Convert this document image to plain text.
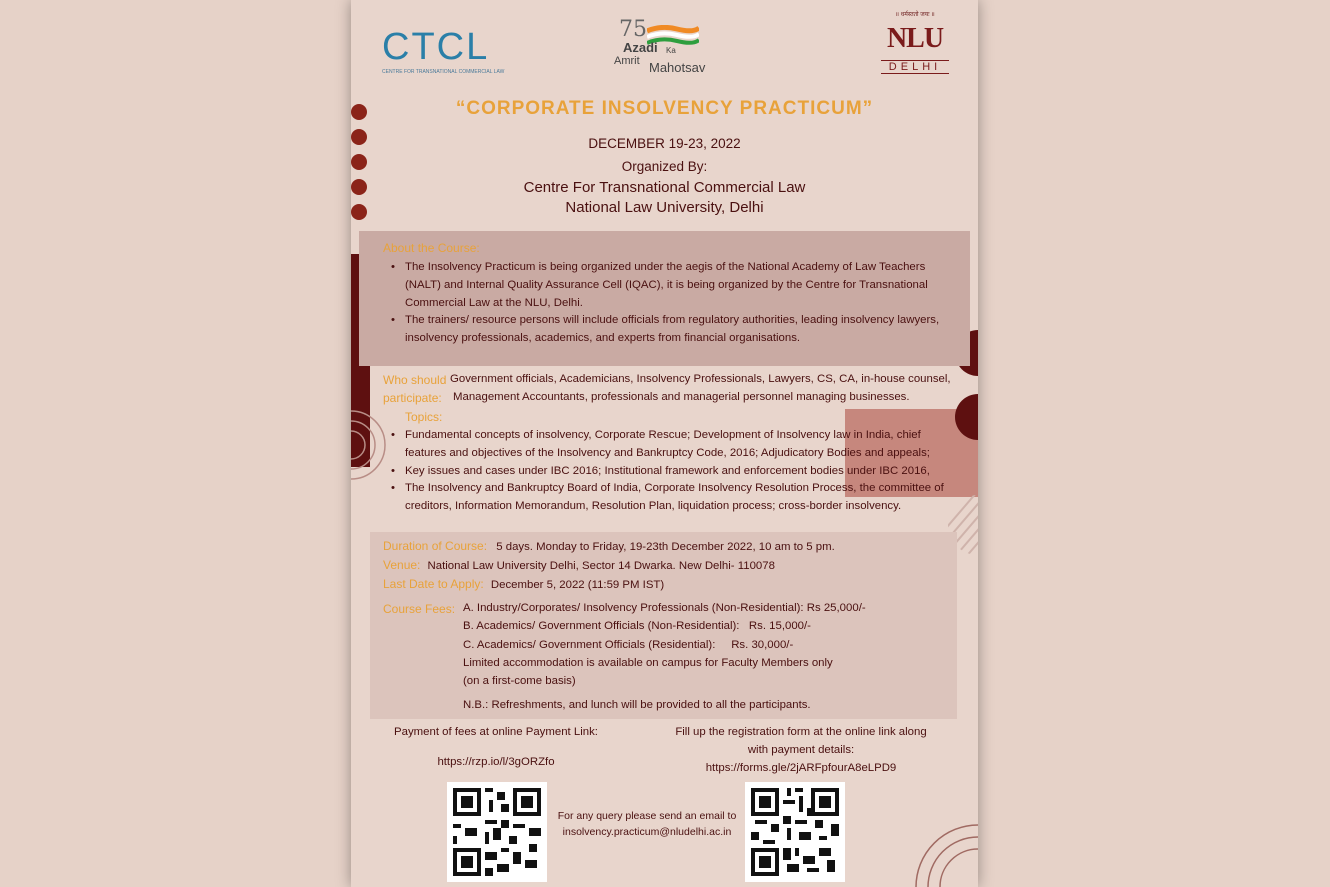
CTCL
CENTRE FOR TRANSNATIONAL COMMERCIAL LAW
75
Azadi Ka
Amrit Mahotsav
॥ धर्मस्ततो जयः ॥
NLU
DELHI
“CORPORATE INSOLVENCY PRACTICUM”
DECEMBER 19-23, 2022
Organized By:
Centre For Transnational Commercial Law
National Law University, Delhi
About the Course:
• The Insolvency Practicum is being organized under the aegis of the National Academy of Law Teachers (NALT) and Internal Quality Assurance Cell (IQAC), it is being organized by the Centre for Transnational Commercial Law at the NLU, Delhi.
• The trainers/ resource persons will include officials from regulatory authorities, leading insolvency lawyers, insolvency professionals, academics, and experts from financial organisations.
Who should
participate:
Government officials, Academicians, Insolvency Professionals, Lawyers, CS, CA, in-house counsel,
Management Accountants, professionals and managerial personnel managing businesses.
Topics:
• Fundamental concepts of insolvency, Corporate Rescue; Development of Insolvency law in India, chief features and objectives of the Insolvency and Bankruptcy Code, 2016; Adjudicatory Bodies and appeals;
• Key issues and cases under IBC 2016; Institutional framework and enforcement bodies under IBC 2016,
• The Insolvency and Bankruptcy Board of India, Corporate Insolvency Resolution Process, the committee of creditors, Information Memorandum, Resolution Plan, liquidation process; cross-border insolvency.
Duration of Course: 5 days. Monday to Friday, 19-23th December 2022, 10 am to 5 pm.
Venue: National Law University Delhi, Sector 14 Dwarka. New Delhi- 110078
Last Date to Apply: December 5, 2022 (11:59 PM IST)
Course Fees: A. Industry/Corporates/ Insolvency Professionals (Non-Residential): Rs 25,000/-
B. Academics/ Government Officials (Non-Residential):   Rs. 15,000/-
C. Academics/ Government Officials (Residential):     Rs. 30,000/-
Limited accommodation is available on campus for Faculty Members only
(on a first-come basis)
N.B.: Refreshments, and lunch will be provided to all the participants.
Payment of fees at online Payment Link:
https://rzp.io/l/3gORZfo
Fill up the registration form at the online link along
with payment details:
https://forms.gle/2jARFpfourA8eLPD9
For any query please send an email to
insolvency.practicum@nludelhi.ac.in
